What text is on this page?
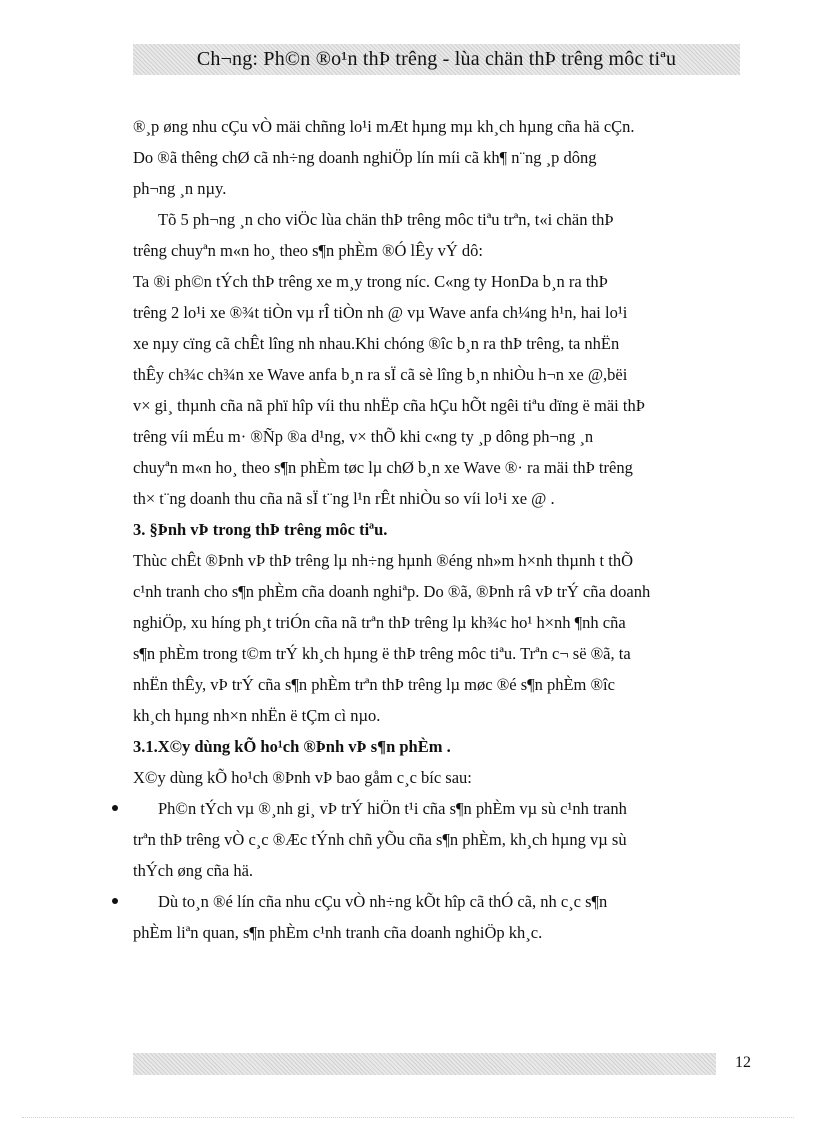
Ch¬ng: Ph©n ®o¹n thÞ trêng - lùa chän thÞ trêng môc tiªu

®¸p øng nhu cÇu vÒ mäi chñng lo¹i mÆt hµng mµ kh¸ch hµng cña hä cÇn.

Do ®ã thêng chØ cã nh÷ng doanh nghiÖp lín míi cã kh¶ n¨ng ¸p dông

ph¬ng ¸n nµy.

Tõ 5 ph¬ng ¸n cho viÖc lùa chän thÞ trêng môc tiªu trªn, t«i chän thÞ

trêng chuyªn m«n ho¸ theo s¶n phÈm ®Ó lÊy vÝ dô:

Ta ®i ph©n tÝch thÞ trêng xe m¸y trong níc. C«ng ty HonDa b¸n ra thÞ

trêng 2 lo¹i xe ®¾t tiÒn vµ rÎ tiÒn nh @ vµ Wave anfa ch¼ng h¹n, hai lo¹i

xe nµy cïng cã chÊt lîng nh nhau.Khi chóng ®îc b¸n ra thÞ trêng, ta nhËn

thÊy ch¾c ch¾n xe Wave anfa b¸n ra sÏ cã sè lîng b¸n nhiÒu h¬n xe @,bëi

v× gi¸ thµnh cña nã phï hîp víi thu nhËp cña hÇu hÕt ngêi tiªu dïng ë mäi thÞ

trêng víi mÉu m· ®Ñp ®a d¹ng, v× thÕ khi c«ng ty ¸p dông ph¬ng ¸n

chuyªn m«n ho¸ theo s¶n phÈm tøc lµ chØ b¸n xe Wave ®· ra mäi thÞ trêng

th× t¨ng doanh thu cña nã sÏ t¨ng l¹n rÊt nhiÒu so víi lo¹i xe @ .

3. §Þnh vÞ trong thÞ trêng môc tiªu.

Thùc chÊt ®Þnh vÞ thÞ trêng lµ nh÷ng hµnh ®éng nh»m h×nh thµnh t thÕ

c¹nh tranh cho s¶n phÈm cña doanh nghiªp. Do ®ã, ®Þnh râ vÞ trÝ cña doanh

nghiÖp, xu híng ph¸t triÓn cña nã trªn thÞ trêng lµ kh¾c ho¹ h×nh ¶nh cña

s¶n phÈm trong t©m trÝ kh¸ch hµng ë thÞ trêng môc tiªu. Trªn c¬ së ®ã, ta

nhËn thÊy, vÞ trÝ cña s¶n phÈm trªn thÞ trêng lµ møc ®é s¶n phÈm ®îc

kh¸ch hµng nh×n nhËn ë tÇm cì nµo.

3.1.X©y dùng kÕ ho¹ch ®Þnh vÞ s¶n phÈm .

X©y dùng kÕ ho¹ch ®Þnh vÞ bao gåm c¸c bíc sau:

Ph©n tÝch vµ ®¸nh gi¸ vÞ trÝ hiÖn t¹i cña s¶n phÈm vµ sù c¹nh tranh

trªn thÞ trêng vÒ c¸c ®Æc tÝnh chñ yÕu cña s¶n phÈm, kh¸ch hµng vµ sù

thÝch øng cña hä.

Dù to¸n ®é lín cña nhu cÇu vÒ nh÷ng kÕt hîp cã thÓ cã, nh c¸c s¶n

phÈm liªn quan, s¶n phÈm c¹nh tranh cña doanh nghiÖp kh¸c.

12
